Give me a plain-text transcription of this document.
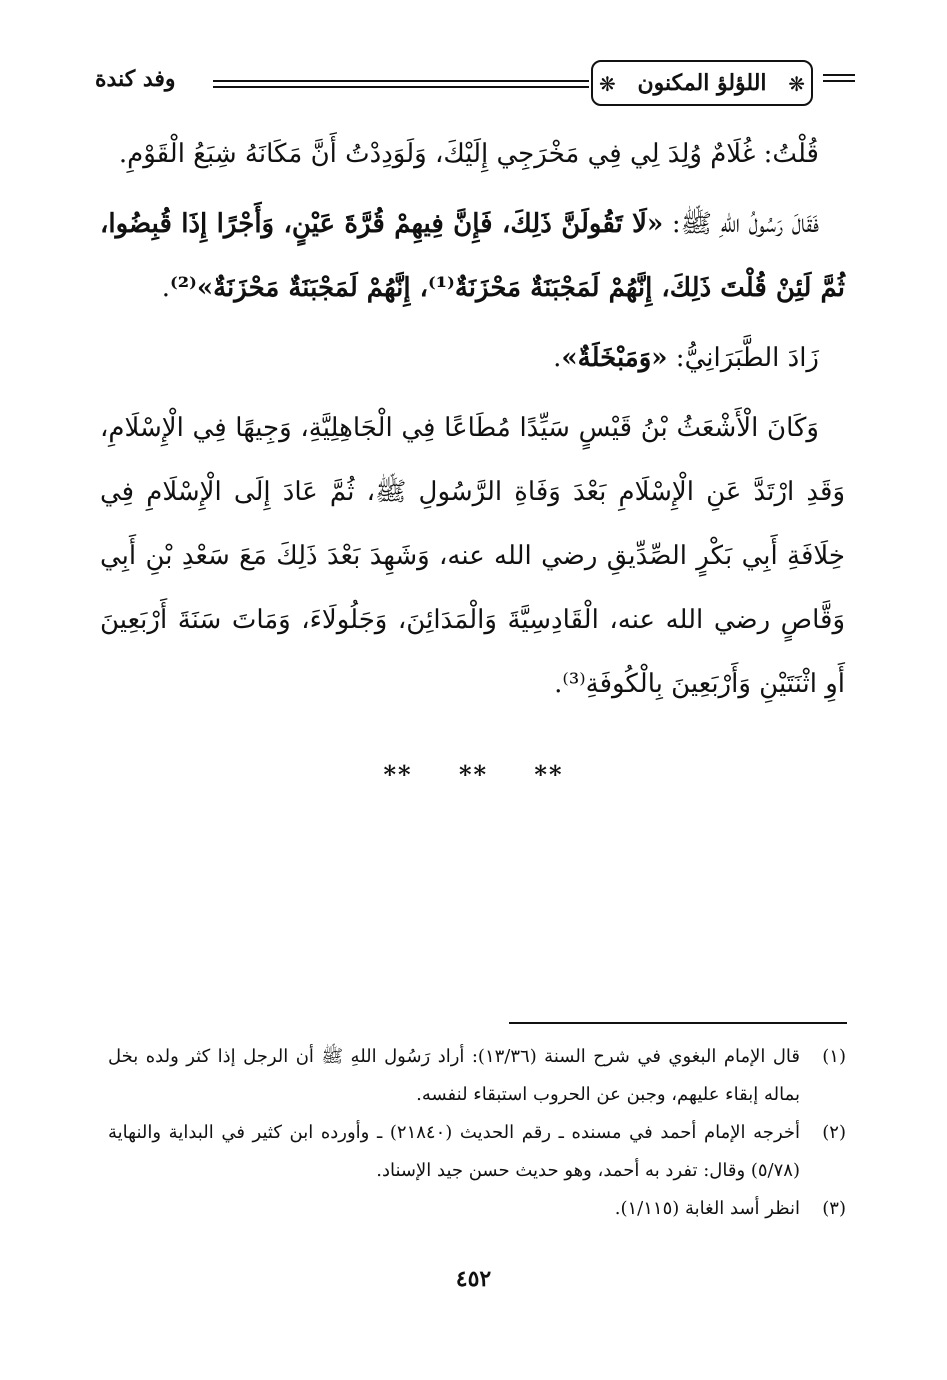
❋ اللؤلؤ المكنون ❋
وفد كندة

قُلْتُ: غُلَامٌ وُلِدَ لِي فِي مَخْرَجِي إِلَيْكَ، وَلَوَدِدْتُ أَنَّ مَكَانَهُ شِبَعُ الْقَوْمِ.

فَقَالَ رَسُولُ اللهِ ﷺ: «لَا تَقُولَنَّ ذَلِكَ، فَإِنَّ فِيهِمْ قُرَّةَ عَيْنٍ، وَأَجْرًا إِذَا قُبِضُوا، ثُمَّ لَئِنْ قُلْتَ ذَلِكَ، إِنَّهُمْ لَمَجْبَنَةٌ مَحْزَنَةٌ⁽¹⁾، إِنَّهُمْ لَمَجْبَنَةٌ مَحْزَنَةٌ»⁽²⁾.

زَادَ الطَّبَرَانِيُّ: «وَمَبْخَلَةٌ».

وَكَانَ الْأَشْعَثُ بْنُ قَيْسٍ سَيِّدًا مُطَاعًا فِي الْجَاهِلِيَّةِ، وَجِيهًا فِي الْإِسْلَامِ، وَقَدِ ارْتَدَّ عَنِ الْإِسْلَامِ بَعْدَ وَفَاةِ الرَّسُولِ ﷺ، ثُمَّ عَادَ إِلَى الْإِسْلَامِ فِي خِلَافَةِ أَبِي بَكْرٍ الصِّدِّيقِ رضي الله عنه، وَشَهِدَ بَعْدَ ذَلِكَ مَعَ سَعْدِ بْنِ أَبِي وَقَّاصٍ رضي الله عنه، الْقَادِسِيَّةَ وَالْمَدَائِنَ، وَجَلُولَاءَ، وَمَاتَ سَنَةَ أَرْبَعِينَ أَوِ اثْنَتَيْنِ وَأَرْبَعِينَ بِالْكُوفَةِ⁽³⁾.

** ** **
(١)
قال الإمام البغوي في شرح السنة (١٣/٣٦): أراد رَسُول اللهِ ﷺ أن الرجل إذا كثر ولده بخل بماله إبقاء عليهم، وجبن عن الحروب استبقاء لنفسه.
(٢)
أخرجه الإمام أحمد في مسنده ـ رقم الحديث (٢١٨٤٠) ـ وأورده ابن كثير في البداية والنهاية (٥/٧٨) وقال: تفرد به أحمد، وهو حديث حسن جيد الإسناد.
(٣)
انظر أسد الغابة (١/١١٥).
٤٥٢
